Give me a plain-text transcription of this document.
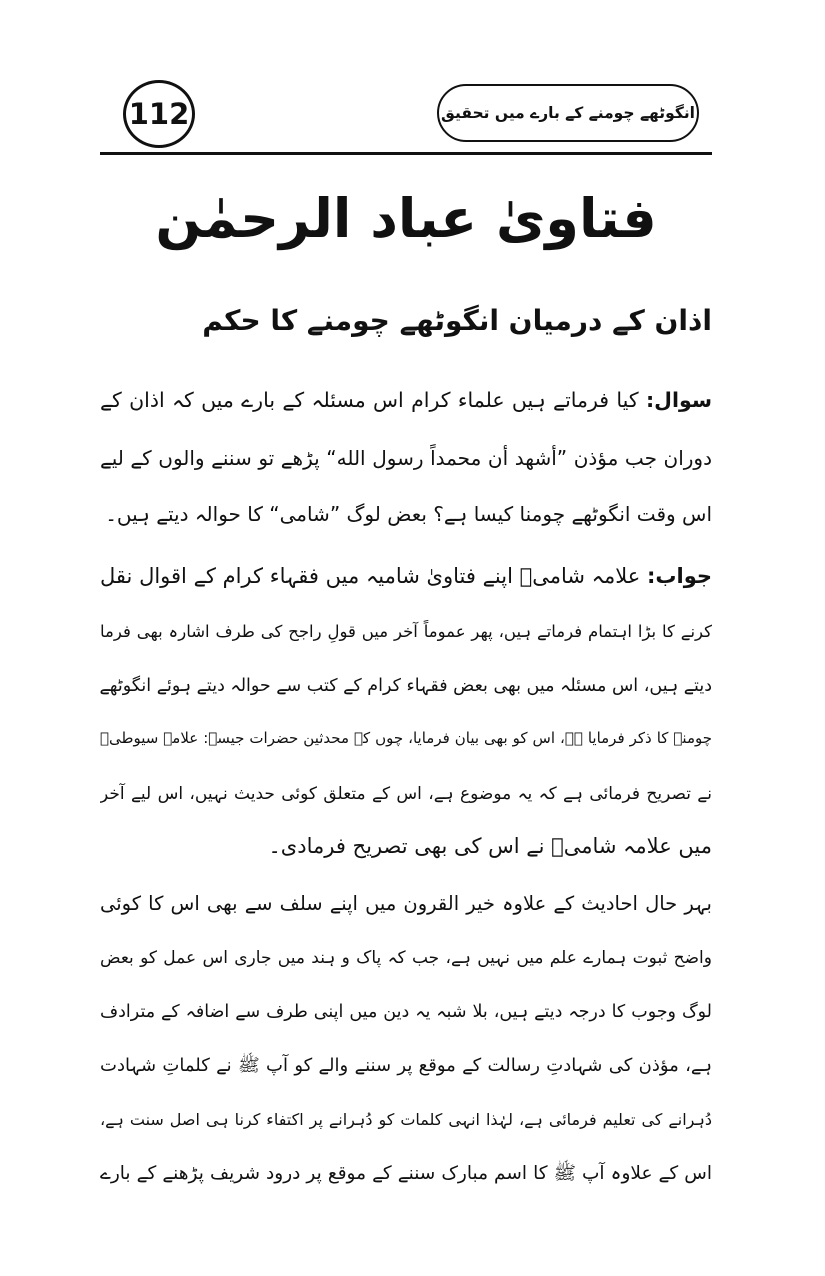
112	انگوٹھے چومنے کے بارے میں تحقیق
فتاویٰ عباد الرحمٰن
اذان کے درمیان انگوٹھے چومنے کا حکم
سوال: کیا فرماتے ہیں علماء کرام اس مسئلہ کے بارے میں کہ اذان کے
دوران جب مؤذن ”أشهد أن محمداً رسول الله“ پڑھے تو سننے والوں کے لیے
اس وقت انگوٹھے چومنا کیسا ہے؟ بعض لوگ ”شامی“ کا حوالہ دیتے ہیں۔
جواب: علامہ شامیؒ اپنے فتاویٰ شامیہ میں فقہاء کرام کے اقوال نقل
کرنے کا بڑا اہتمام فرماتے ہیں، پھر عموماً آخر میں قولِ راجح کی طرف اشارہ بھی فرما
دیتے ہیں، اس مسئلہ میں بھی بعض فقہاء کرام کے کتب سے حوالہ دیتے ہوئے انگوٹھے
چومنے کا ذکر فرمایا ہے، اس کو بھی بیان فرمایا، چوں کہ محدثین حضرات جیسے: علامہ سیوطیؒ
نے تصریح فرمائی ہے کہ یہ موضوع ہے، اس کے متعلق کوئی حدیث نہیں، اس لیے آخر
میں علامہ شامیؒ نے اس کی بھی تصریح فرمادی۔
بہر حال احادیث کے علاوہ خیر القرون میں اپنے سلف سے بھی اس کا کوئی
واضح ثبوت ہمارے علم میں نہیں ہے، جب کہ پاک و ہند میں جاری اس عمل کو بعض
لوگ وجوب کا درجہ دیتے ہیں، بلا شبہ یہ دین میں اپنی طرف سے اضافہ کے مترادف
ہے، مؤذن کی شہادتِ رسالت کے موقع پر سننے والے کو آپ ﷺ نے کلماتِ شہادت
دُہرانے کی تعلیم فرمائی ہے، لہٰذا انہی کلمات کو دُہرانے پر اکتفاء کرنا ہی اصل سنت ہے،
اس کے علاوہ آپ ﷺ کا اسم مبارک سننے کے موقع پر درود شریف پڑھنے کے بارے
